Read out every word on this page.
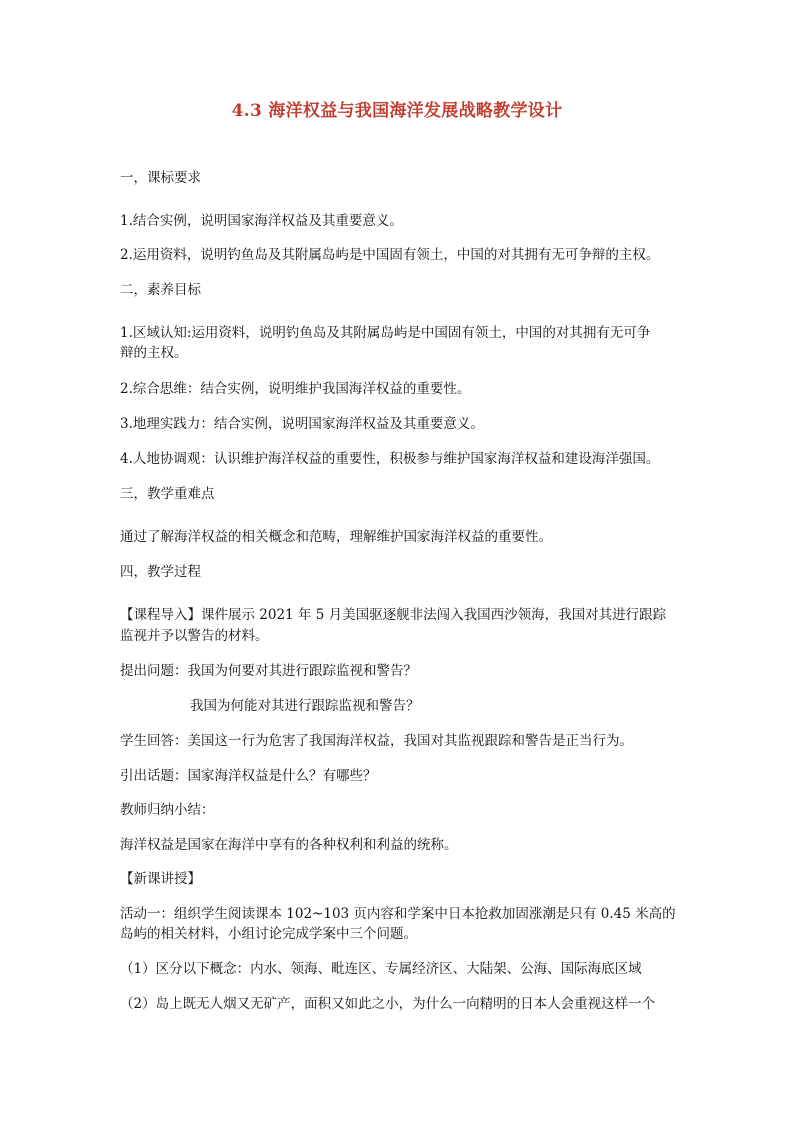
4.3 海洋权益与我国海洋发展战略教学设计
一，课标要求
1.结合实例，说明国家海洋权益及其重要意义。
2.运用资料，说明钓鱼岛及其附属岛屿是中国固有领土，中国的对其拥有无可争辩的主权。
二，素养目标
1.区域认知:运用资料，说明钓鱼岛及其附属岛屿是中国固有领土，中国的对其拥有无可争
辩的主权。
2.综合思维：结合实例，说明维护我国海洋权益的重要性。
3.地理实践力：结合实例，说明国家海洋权益及其重要意义。
4.人地协调观：认识维护海洋权益的重要性，积极参与维护国家海洋权益和建设海洋强国。
三，教学重难点
通过了解海洋权益的相关概念和范畴，理解维护国家海洋权益的重要性。
四，教学过程
【课程导入】课件展示 2021 年 5 月美国驱逐舰非法闯入我国西沙领海，我国对其进行跟踪
监视并予以警告的材料。
提出问题：我国为何要对其进行跟踪监视和警告？
我国为何能对其进行跟踪监视和警告？
学生回答：美国这一行为危害了我国海洋权益，我国对其监视跟踪和警告是正当行为。
引出话题：国家海洋权益是什么？有哪些？
教师归纳小结：
海洋权益是国家在海洋中享有的各种权利和利益的统称。
【新课讲授】
活动一：组织学生阅读课本 102~103 页内容和学案中日本抢救加固涨潮是只有 0.45 米高的
岛屿的相关材料，小组讨论完成学案中三个问题。
（1）区分以下概念：内水、领海、毗连区、专属经济区、大陆架、公海、国际海底区域
（2）岛上既无人烟又无矿产，面积又如此之小，为什么一向精明的日本人会重视这样一个
